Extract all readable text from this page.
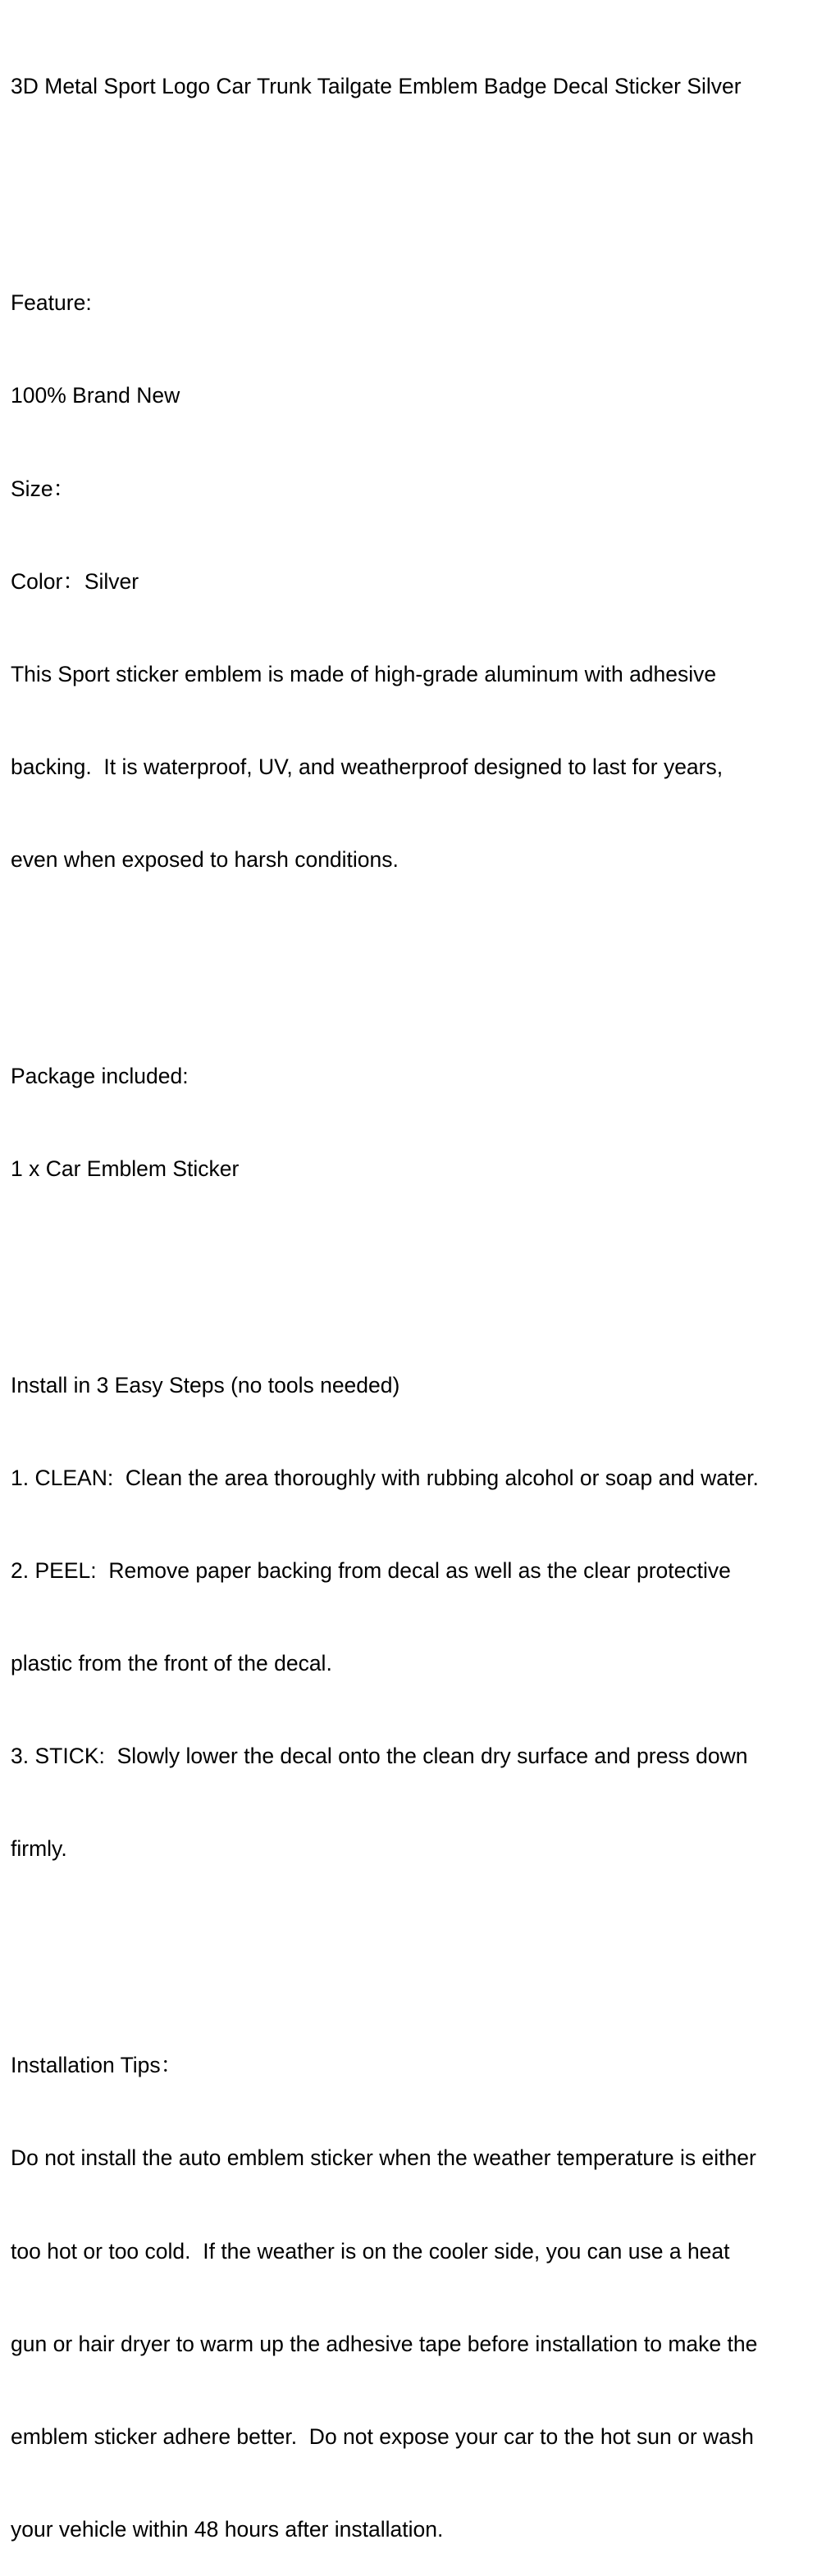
3D Metal Sport Logo Car Trunk Tailgate Emblem Badge Decal Sticker Silver

Feature:

100% Brand New

Size：

Color：Silver

This Sport sticker emblem is made of high-grade aluminum with adhesive

backing.  It is waterproof, UV, and weatherproof designed to last for years,

even when exposed to harsh conditions.

Package included:

1 x Car Emblem Sticker

Install in 3 Easy Steps (no tools needed)

1. CLEAN:  Clean the area thoroughly with rubbing alcohol or soap and water.

2. PEEL:  Remove paper backing from decal as well as the clear protective

plastic from the front of the decal.

3. STICK:  Slowly lower the decal onto the clean dry surface and press down

firmly.

Installation Tips：

Do not install the auto emblem sticker when the weather temperature is either

too hot or too cold.  If the weather is on the cooler side, you can use a heat

gun or hair dryer to warm up the adhesive tape before installation to make the

emblem sticker adhere better.  Do not expose your car to the hot sun or wash

your vehicle within 48 hours after installation.
